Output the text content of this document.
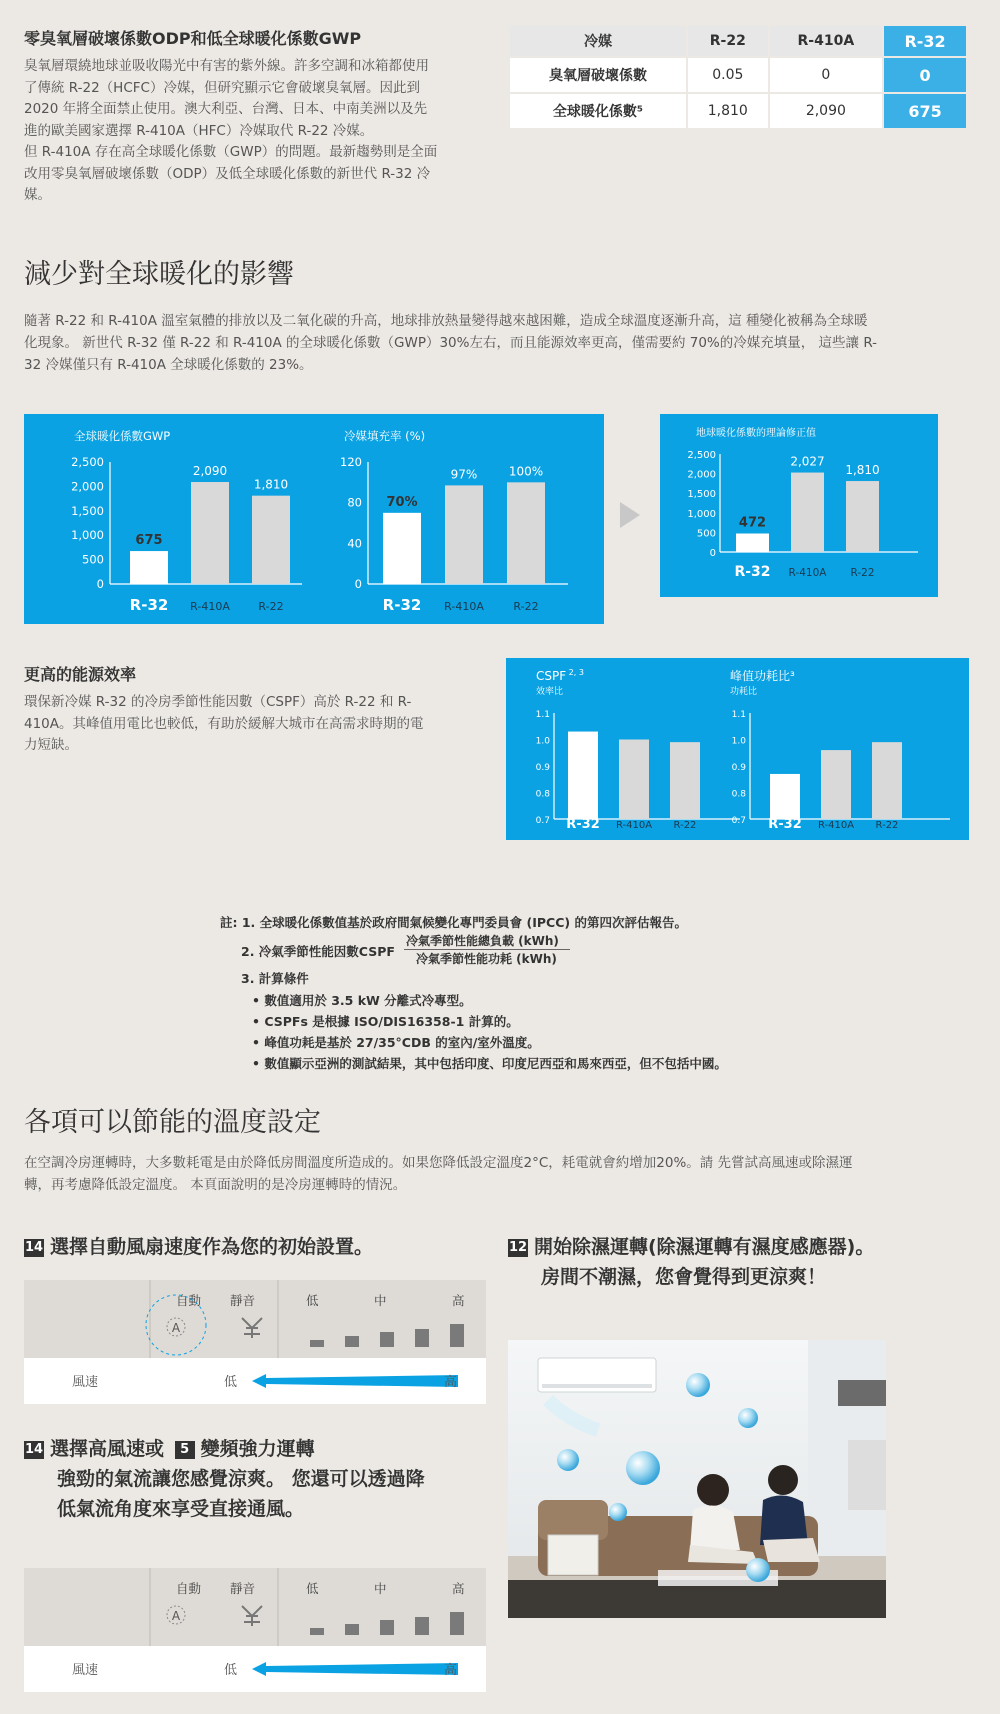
零臭氧層破壞係數ODP和低全球暖化係數GWP
臭氧層環繞地球並吸收陽光中有害的紫外線。許多空調和冰箱都使用
了傳統 R-22（HCFC）冷媒，但研究顯示它會破壞臭氧層。因此到
2020 年將全面禁止使用。澳大利亞、台灣、日本、中南美洲以及先
進的歐美國家選擇 R-410A（HFC）冷媒取代 R-22 冷媒。
但 R-410A 存在高全球暖化係數（GWP）的問題。最新趨勢則是全面
改用零臭氧層破壞係數（ODP）及低全球暖化係數的新世代 R-32 冷
媒。
冷媒	R-22	R-410A	R-32
臭氧層破壞係數	0.05	0	0
全球暖化係數⁵	1,810	2,090	675
減少對全球暖化的影響
隨著 R-22 和 R-410A 溫室氣體的排放以及二氧化碳的升高，地球排放熱量變得越來越困難，造成全球溫度逐漸升高，這 種變化被稱為全球暖
化現象。 新世代 R-32 僅 R-22 和 R-410A 的全球暖化係數（GWP）30%左右，而且能源效率更高，僅需要約 70%的冷媒充填量， 這些讓 R-
32 冷媒僅只有 R-410A 全球暖化係數的 23%。
全球暖化係數GWP
2,500
2,000
1,500
1,000
500
0
675
R-32
2,090
R-410A
1,810
R-22
冷媒填充率 (%)
120
80
40
0
70%
R-32
97%
R-410A
100%
R-22
地球暖化係數的理論修正值
2,500
2,000
1,500
1,000
500
0
472
R-32
2,027
R-410A
1,810
R-22
更高的能源效率
環保新冷媒 R-32 的冷房季節性能因數（CSPF）高於 R-22 和 R-
410A。其峰值用電比也較低，有助於緩解大城市在高需求時期的電
力短缺。
CSPF $^{2, 3}$
效率比
1.1
1.0
0.9
0.8
0.7 R-32 R-410A R-22
峰值功耗比³
功耗比
1.1
1.0
0.9
0.8
0.7 R-32 R-410A R-22
註: 1. 全球暖化係數值基於政府間氣候變化專門委員會 (IPCC) 的第四次評估報告。
2. 冷氣季節性能因數CSPF
冷氣季節性能總負載 (kWh)
冷氣季節性能功耗 (kWh)
3. 計算條件
• 數值適用於 3.5 kW 分離式冷專型。
• CSPFs 是根據 ISO/DIS16358-1 計算的。
• 峰值功耗是基於 27/35°CDB 的室內/室外溫度。
• 數值顯示亞洲的測試結果，其中包括印度、印度尼西亞和馬來西亞，但不包括中國。
各項可以節能的溫度設定
在空調冷房運轉時，大多數耗電是由於降低房間溫度所造成的。如果您降低設定溫度2°C，耗電就會約增加20%。請 先嘗試高風速或除濕運
轉，再考慮降低設定溫度。 本頁面說明的是冷房運轉時的情況。
14 選擇自動風扇速度作為您的初始設置。
自動 靜音	低	中	高
A
風速	低	高
14 選擇高風速或 5 變頻強力運轉
強勁的氣流讓您感覺涼爽。 您還可以透過降
低氣流角度來享受直接通風。
自動 靜音	低	中	高
A
風速	低	高
12 開始除濕運轉(除濕運轉有濕度感應器)。
房間不潮濕，您會覺得到更涼爽！
